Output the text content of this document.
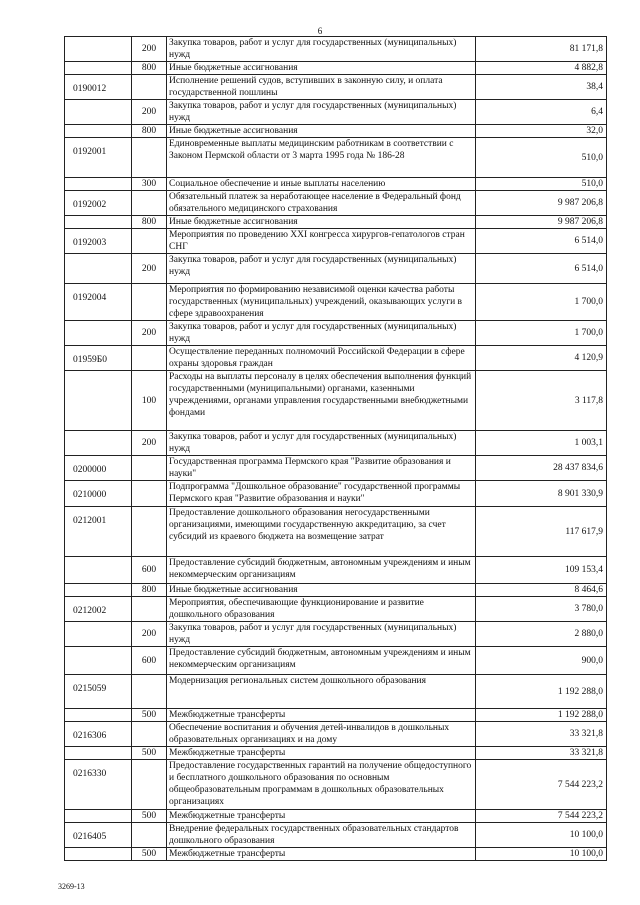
6
	200	Закупка товаров, работ и услуг для государственных (муниципальных) нужд	81 171,8
	800	Иные бюджетные ассигнования	4 882,8
0190012		Исполнение решений судов, вступивших в законную силу, и оплата государственной пошлины	38,4
	200	Закупка товаров, работ и услуг для государственных (муниципальных) нужд	6,4
	800	Иные бюджетные ассигнования	32,0
0192001		Единовременные выплаты медицинским работникам в соответствии с Законом Пермской области от 3 марта 1995 года № 186-28	510,0
	300	Социальное обеспечение и иные выплаты населению	510,0
0192002		Обязательный платеж за неработающее население в Федеральный фонд обязательного медицинского страхования	9 987 206,8
	800	Иные бюджетные ассигнования	9 987 206,8
0192003		Мероприятия по проведению XXI конгресса хирургов-гепатологов стран СНГ	6 514,0
	200	Закупка товаров, работ и услуг для государственных (муниципальных) нужд	6 514,0
0192004		Мероприятия по формированию независимой оценки качества работы государственных (муниципальных) учреждений, оказывающих услуги в сфере здравоохранения	1 700,0
	200	Закупка товаров, работ и услуг для государственных (муниципальных) нужд	1 700,0
01959Б0		Осуществление переданных полномочий Российской Федерации в сфере охраны здоровья граждан	4 120,9
	100	Расходы на выплаты персоналу в целях обеспечения выполнения функций государственными (муниципальными) органами, казенными учреждениями, органами управления государственными внебюджетными фондами	3 117,8
	200	Закупка товаров, работ и услуг для государственных (муниципальных) нужд	1 003,1
0200000		Государственная программа Пермского края "Развитие образования и науки"	28 437 834,6
0210000		Подпрограмма "Дошкольное образование" государственной программы Пермского края "Развитие образования и науки"	8 901 330,9
0212001		Предоставление дошкольного образования негосударственными организациями, имеющими государственную аккредитацию, за счет субсидий из краевого бюджета на возмещение затрат	117 617,9
	600	Предоставление субсидий бюджетным, автономным учреждениям и иным некоммерческим организациям	109 153,4
	800	Иные бюджетные ассигнования	8 464,6
0212002		Мероприятия, обеспечивающие функционирование и развитие дошкольного образования	3 780,0
	200	Закупка товаров, работ и услуг для государственных (муниципальных) нужд	2 880,0
	600	Предоставление субсидий бюджетным, автономным учреждениям и иным некоммерческим организациям	900,0
0215059		Модернизация региональных систем дошкольного образования	1 192 288,0
	500	Межбюджетные трансферты	1 192 288,0
0216306		Обеспечение воспитания и обучения детей-инвалидов в дошкольных образовательных организациях и на дому	33 321,8
	500	Межбюджетные трансферты	33 321,8
0216330		Предоставление государственных гарантий на получение общедоступного и бесплатного дошкольного образования по основным общеобразовательным программам в дошкольных образовательных организациях	7 544 223,2
	500	Межбюджетные трансферты	7 544 223,2
0216405		Внедрение федеральных государственных образовательных стандартов дошкольного образования	10 100,0
	500	Межбюджетные трансферты	10 100,0
3269-13
